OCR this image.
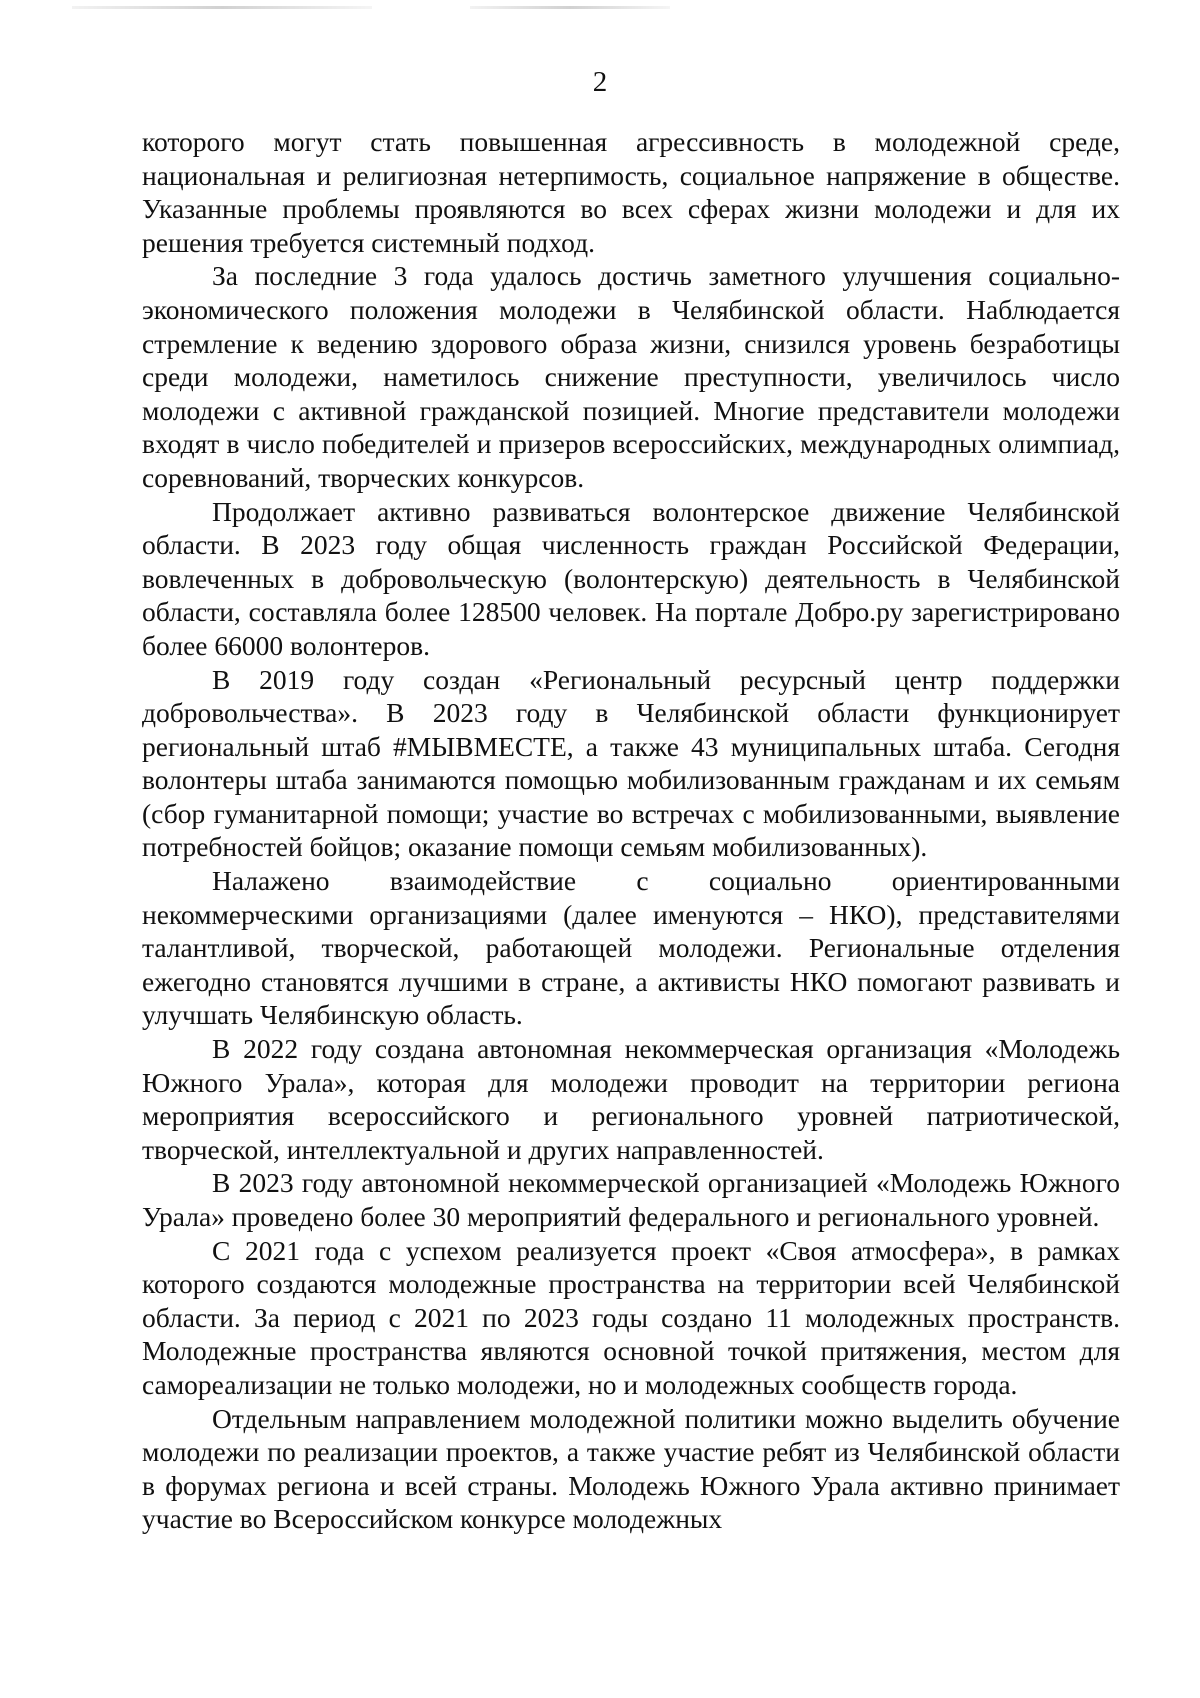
2

которого могут стать повышенная агрессивность в молодежной среде, национальная и религиозная нетерпимость, социальное напряжение в обществе. Указанные проблемы проявляются во всех сферах жизни молодежи и для их решения требуется системный подход.

За последние 3 года удалось достичь заметного улучшения социально-экономического положения молодежи в Челябинской области. Наблюдается стремление к ведению здорового образа жизни, снизился уровень безработицы среди молодежи, наметилось снижение преступности, увеличилось число молодежи с активной гражданской позицией. Многие представители молодежи входят в число победителей и призеров всероссийских, международных олимпиад, соревнований, творческих конкурсов.

Продолжает активно развиваться волонтерское движение Челябинской области. В 2023 году общая численность граждан Российской Федерации, вовлеченных в добровольческую (волонтерскую) деятельность в Челябинской области, составляла более 128500 человек. На портале Добро.ру зарегистрировано более 66000 волонтеров.

В 2019 году создан «Региональный ресурсный центр поддержки добровольчества». В 2023 году в Челябинской области функционирует региональный штаб #МЫВМЕСТЕ, а также 43 муниципальных штаба. Сегодня волонтеры штаба занимаются помощью мобилизованным гражданам и их семьям (сбор гуманитарной помощи; участие во встречах с мобилизованными, выявление потребностей бойцов; оказание помощи семьям мобилизованных).

Налажено взаимодействие с социально ориентированными некоммерческими организациями (далее именуются – НКО), представителями талантливой, творческой, работающей молодежи. Региональные отделения ежегодно становятся лучшими в стране, а активисты НКО помогают развивать и улучшать Челябинскую область.

В 2022 году создана автономная некоммерческая организация «Молодежь Южного Урала», которая для молодежи проводит на территории региона мероприятия всероссийского и регионального уровней патриотической, творческой, интеллектуальной и других направленностей.

В 2023 году автономной некоммерческой организацией «Молодежь Южного Урала» проведено более 30 мероприятий федерального и регионального уровней.

С 2021 года с успехом реализуется проект «Своя атмосфера», в рамках которого создаются молодежные пространства на территории всей Челябинской области. За период с 2021 по 2023 годы создано 11 молодежных пространств. Молодежные пространства являются основной точкой притяжения, местом для самореализации не только молодежи, но и молодежных сообществ города.

Отдельным направлением молодежной политики можно выделить обучение молодежи по реализации проектов, а также участие ребят из Челябинской области в форумах региона и всей страны. Молодежь Южного Урала активно принимает участие во Всероссийском конкурсе молодежных
